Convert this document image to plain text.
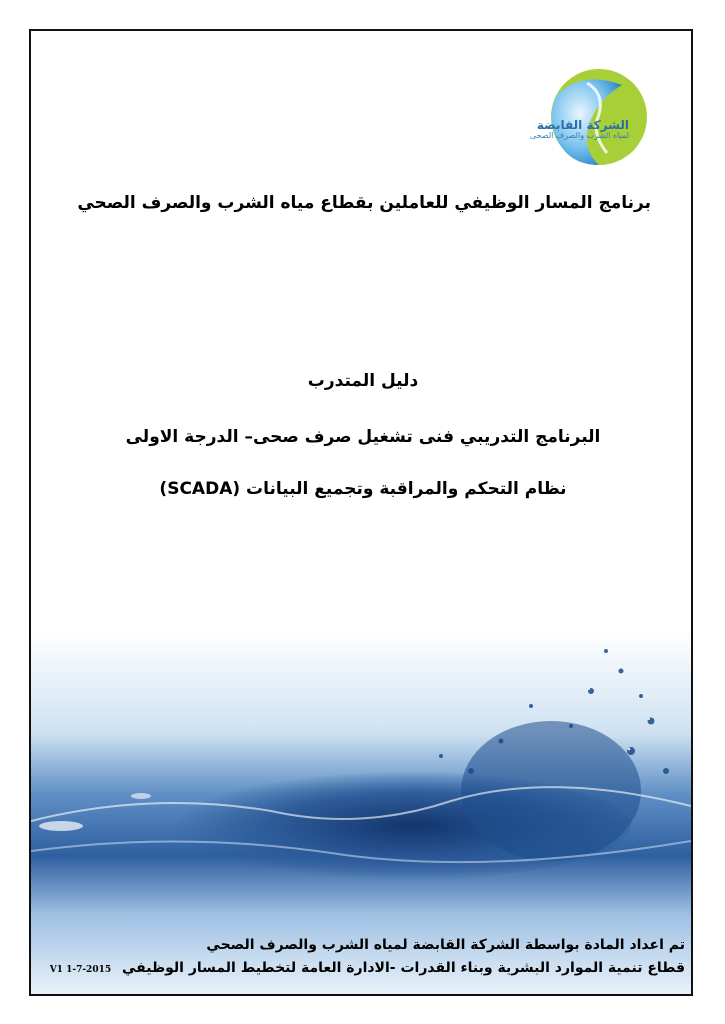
الشركة القابضة
لمياه الشرب والصرف الصحى
برنامج المسار الوظيفي للعاملين بقطاع مياه الشرب والصرف الصحي
دليل المتدرب
البرنامج التدريبي فنى تشغيل صرف صحى– الدرجة الاولى
نظام التحكم والمراقبة وتجميع البيانات (SCADA)
تم اعداد المادة بواسطة الشركة القابضة لمياه الشرب والصرف الصحي
قطاع تنمية الموارد البشرية وبناء القدرات -الادارة العامة لتخطيط المسار الوظيفي V1 1-7-2015
